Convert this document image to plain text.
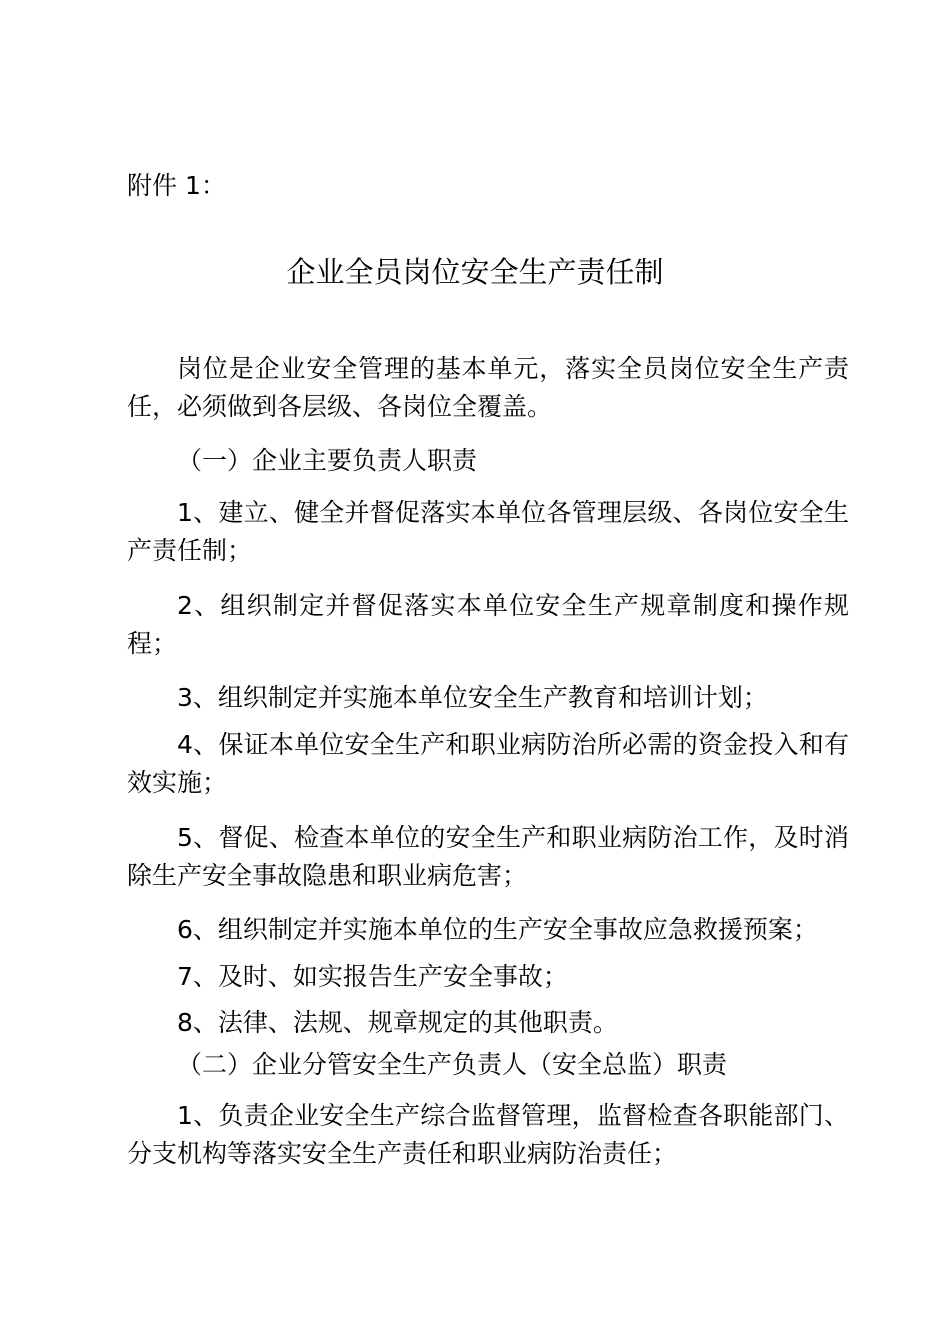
附件 1：
企业全员岗位安全生产责任制

岗位是企业安全管理的基本单元，落实全员岗位安全生产责任，必须做到各层级、各岗位全覆盖。

（一）企业主要负责人职责

1、建立、健全并督促落实本单位各管理层级、各岗位安全生产责任制；

2、组织制定并督促落实本单位安全生产规章制度和操作规程；

3、组织制定并实施本单位安全生产教育和培训计划；

4、保证本单位安全生产和职业病防治所必需的资金投入和有效实施；

5、督促、检查本单位的安全生产和职业病防治工作，及时消除生产安全事故隐患和职业病危害；

6、组织制定并实施本单位的生产安全事故应急救援预案；

7、及时、如实报告生产安全事故；

8、法律、法规、规章规定的其他职责。

（二）企业分管安全生产负责人（安全总监）职责

1、负责企业安全生产综合监督管理，监督检查各职能部门、分支机构等落实安全生产责任和职业病防治责任；
